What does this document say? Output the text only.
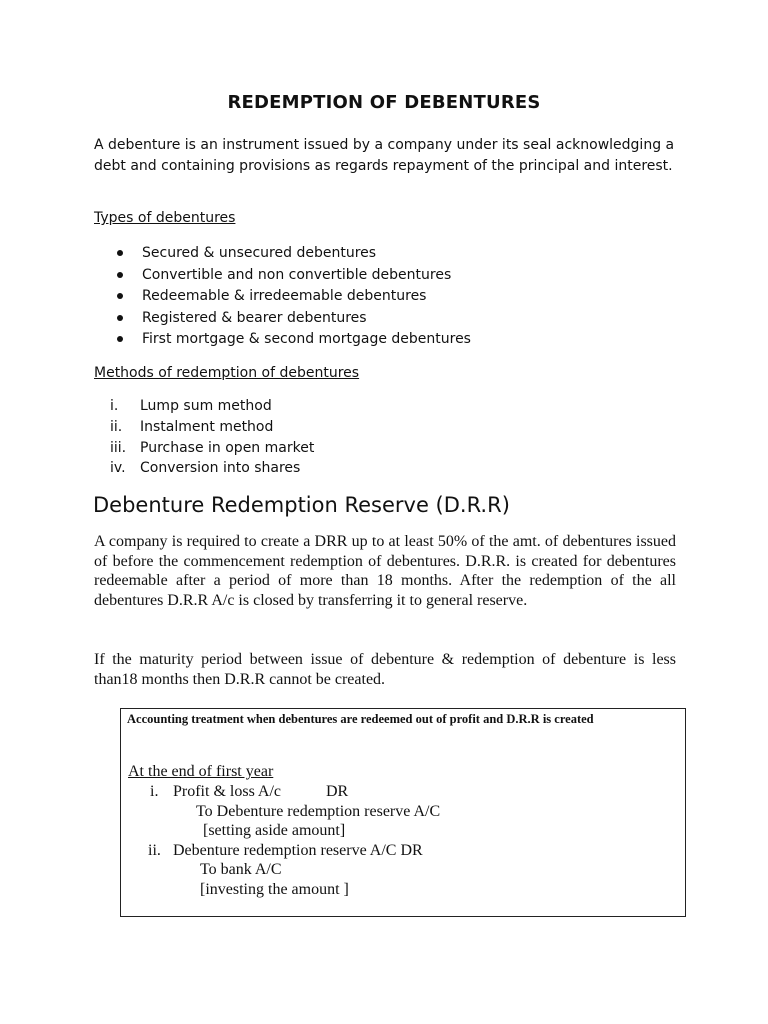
REDEMPTION OF DEBENTURES
A debenture is an instrument issued by a company under its seal acknowledging a debt and containing provisions as regards repayment of the principal and interest.
Types of debentures
Secured & unsecured debentures
Convertible and non convertible debentures
Redeemable & irredeemable debentures
Registered & bearer debentures
First mortgage & second mortgage debentures
Methods of redemption of debentures
i. Lump sum method
ii. Instalment method
iii. Purchase in open market
iv. Conversion into shares
Debenture Redemption Reserve (D.R.R)
A company is required to create a DRR up to at least 50% of the amt. of debentures issued of before the commencement redemption of debentures. D.R.R. is created for debentures redeemable after a period of more than 18 months. After the redemption of the all debentures D.R.R A/c is closed by transferring it to general reserve.
If the maturity period between issue of debenture & redemption of debenture is less than18 months then D.R.R cannot be created.
Accounting treatment when debentures are redeemed out of profit and D.R.R is created
At the end of first year
i. Profit & loss A/c	DR
To Debenture redemption reserve A/C
[setting aside amount]
ii. Debenture redemption reserve A/C DR
To bank A/C
[investing the amount ]
